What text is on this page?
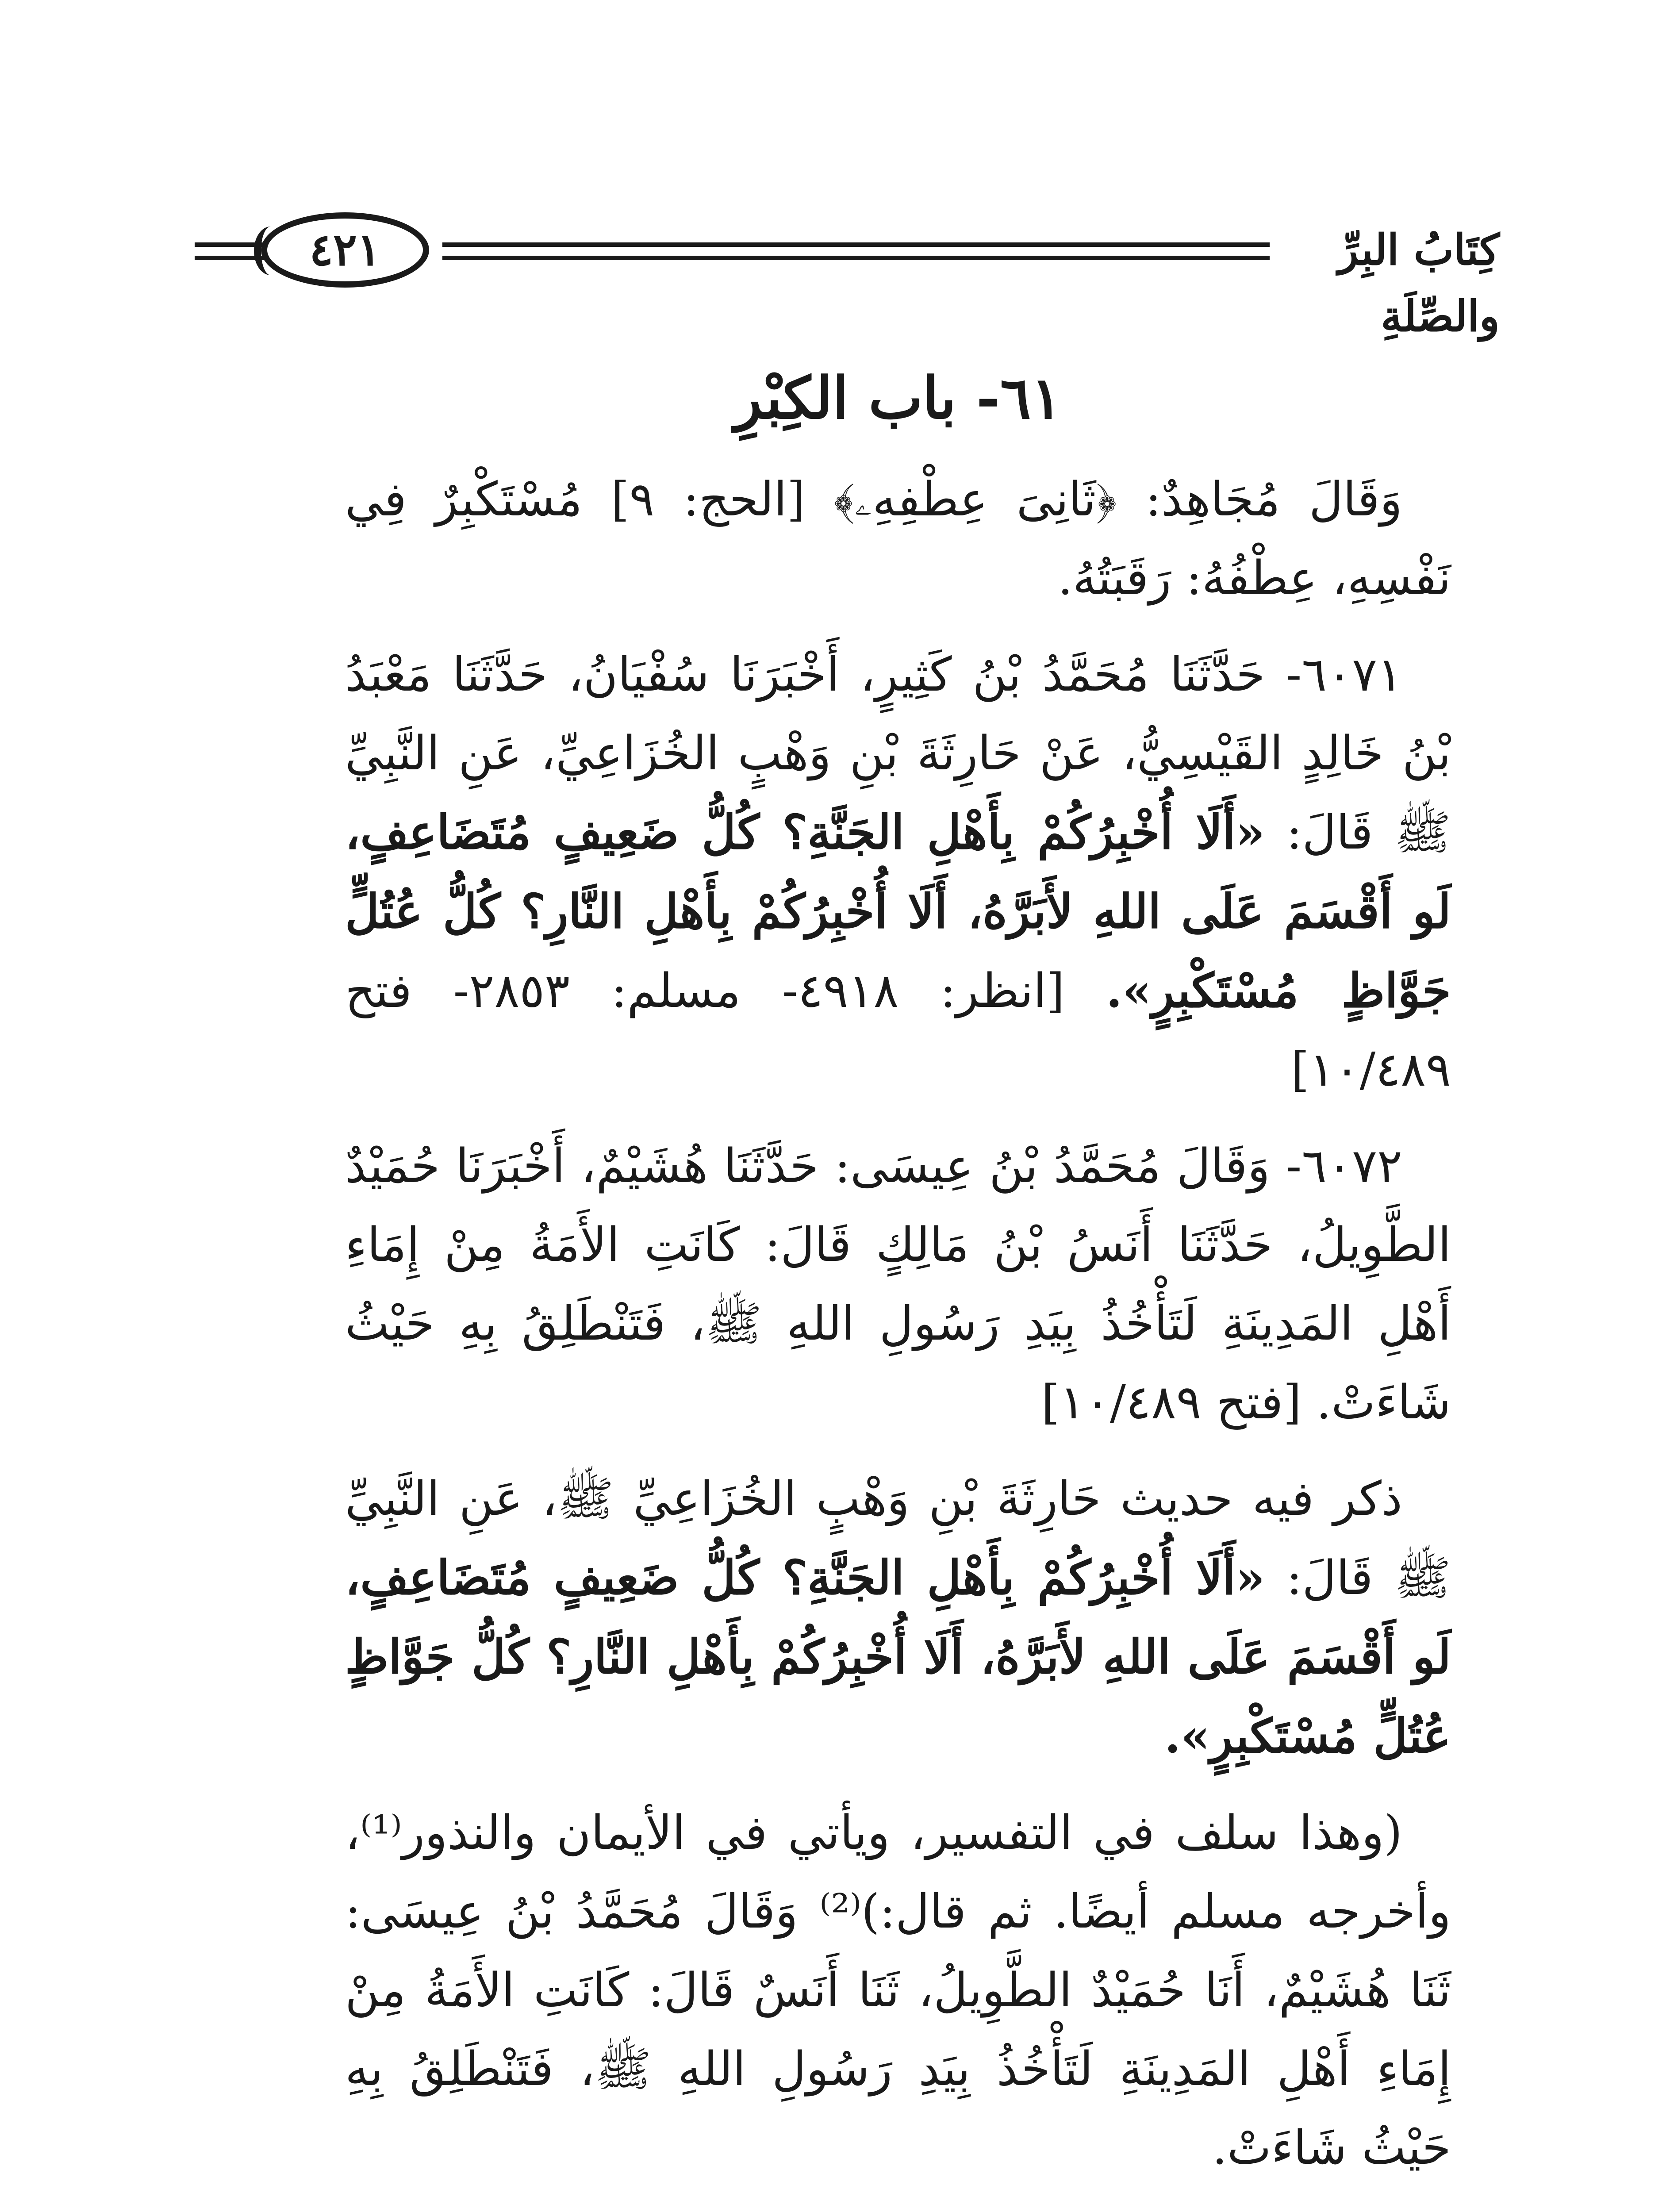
٤٢١	كِتَابُ البِرِّ والصِّلَةِ
٦١- باب الكِبْرِ

وَقَالَ مُجَاهِدٌ: ﴿ثَانِىَ عِطْفِهِۦ﴾ [الحج: ٩] مُسْتَكْبِرٌ فِي نَفْسِهِ، عِطْفُهُ: رَقَبَتُهُ.

٦٠٧١- حَدَّثَنَا مُحَمَّدُ بْنُ كَثِيرٍ، أَخْبَرَنَا سُفْيَانُ، حَدَّثَنَا مَعْبَدُ بْنُ خَالِدٍ القَيْسِيُّ، عَنْ حَارِثَةَ بْنِ وَهْبٍ الخُزَاعِيِّ، عَنِ النَّبِيِّ ﷺ قَالَ: «أَلَا أُخْبِرُكُمْ بِأَهْلِ الجَنَّةِ؟ كُلُّ ضَعِيفٍ مُتَضَاعِفٍ، لَو أَقْسَمَ عَلَى اللهِ لأَبَرَّهُ، أَلَا أُخْبِرُكُمْ بِأَهْلِ النَّارِ؟ كُلُّ عُتُلٍّ جَوَّاظٍ مُسْتَكْبِرٍ». [انظر: ٤٩١٨- مسلم: ٢٨٥٣- فتح ١٠/٤٨٩]

٦٠٧٢- وَقَالَ مُحَمَّدُ بْنُ عِيسَى: حَدَّثَنَا هُشَيْمٌ، أَخْبَرَنَا حُمَيْدٌ الطَّوِيلُ، حَدَّثَنَا أَنَسُ بْنُ مَالِكٍ قَالَ: كَانَتِ الأَمَةُ مِنْ إِمَاءِ أَهْلِ المَدِينَةِ لَتَأْخُذُ بِيَدِ رَسُولِ اللهِ ﷺ، فَتَنْطَلِقُ بِهِ حَيْثُ شَاءَتْ. [فتح ١٠/٤٨٩]

ذكر فيه حديث حَارِثَةَ بْنِ وَهْبٍ الخُزَاعِيِّ ﷺ، عَنِ النَّبِيِّ ﷺ قَالَ: «أَلَا أُخْبِرُكُمْ بِأَهْلِ الجَنَّةِ؟ كُلُّ ضَعِيفٍ مُتَضَاعِفٍ، لَو أَقْسَمَ عَلَى اللهِ لأَبَرَّهُ، أَلَا أُخْبِرُكُمْ بِأَهْلِ النَّارِ؟ كُلُّ جَوَّاظٍ عُتُلٍّ مُسْتَكْبِرٍ».

(وهذا سلف في التفسير، ويأتي في الأيمان والنذور⁽¹⁾، وأخرجه مسلم أيضًا. ثم قال:)⁽²⁾ وَقَالَ مُحَمَّدُ بْنُ عِيسَى: ثَنَا هُشَيْمٌ، أَنَا حُمَيْدٌ الطَّوِيلُ، ثَنَا أَنَسٌ قَالَ: كَانَتِ الأَمَةُ مِنْ إِمَاءِ أَهْلِ المَدِينَةِ لَتَأْخُذُ بِيَدِ رَسُولِ اللهِ ﷺ، فَتَنْطَلِقُ بِهِ حَيْثُ شَاءَتْ.
